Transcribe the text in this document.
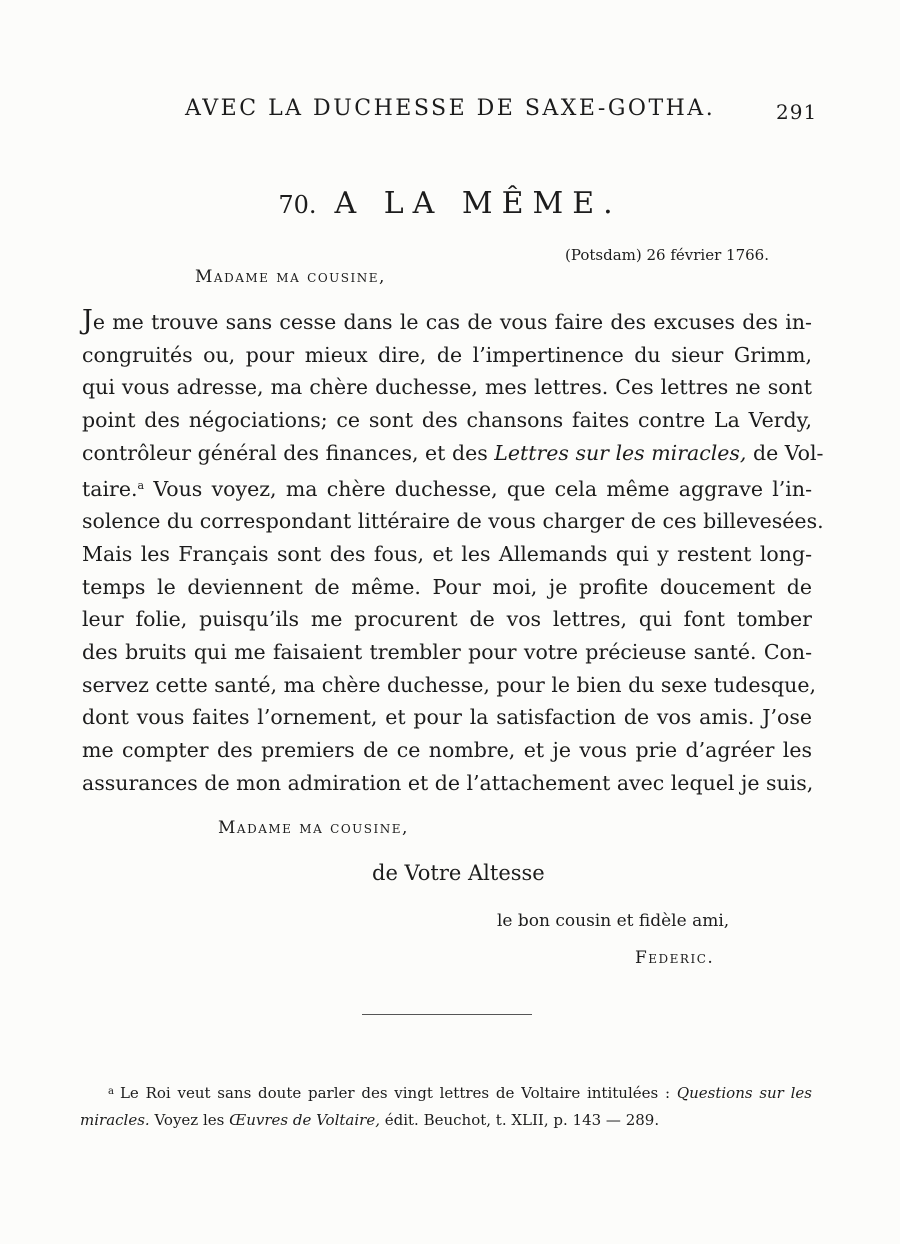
AVEC LA DUCHESSE DE SAXE-GOTHA.	291
70. A LA MÊME.
(Potsdam) 26 février 1766.
Madame ma cousine,

Je me trouve sans cesse dans le cas de vous faire des excuses des in-
congruités ou, pour mieux dire, de l’impertinence du sieur Grimm,
qui vous adresse, ma chère duchesse, mes lettres. Ces lettres ne sont
point des négociations; ce sont des chansons faites contre La Verdy,
contrôleur général des finances, et des Lettres sur les miracles, de Vol-
taire.$^a$ Vous voyez, ma chère duchesse, que cela même aggrave l’in-
solence du correspondant littéraire de vous charger de ces billevesées.
Mais les Français sont des fous, et les Allemands qui y restent long-
temps le deviennent de même. Pour moi, je profite doucement de
leur folie, puisqu’ils me procurent de vos lettres, qui font tomber
des bruits qui me faisaient trembler pour votre précieuse santé. Con-
servez cette santé, ma chère duchesse, pour le bien du sexe tudesque,
dont vous faites l’ornement, et pour la satisfaction de vos amis. J’ose
me compter des premiers de ce nombre, et je vous prie d’agréer les
assurances de mon admiration et de l’attachement avec lequel je suis,

Madame ma cousine,
de Votre Altesse
le bon cousin et fidèle ami,
Federic.

$^a$ Le Roi veut sans doute parler des vingt lettres de Voltaire intitulées : Questions sur les
miracles. Voyez les Œuvres de Voltaire, édit. Beuchot, t. XLII, p. 143 — 289.
